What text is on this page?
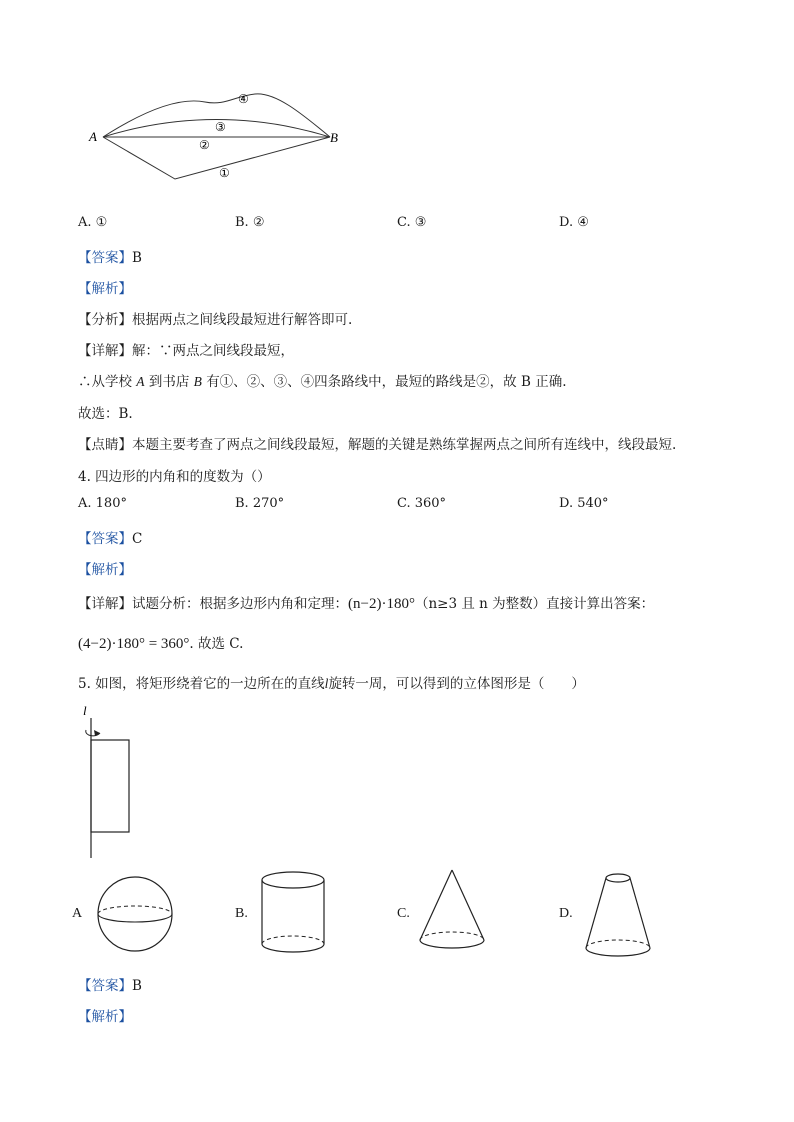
A	B
④
③
②
①
A. ①	B. ②	C. ③	D. ④
【答案】B
【解析】
【分析】根据两点之间线段最短进行解答即可.
【详解】解：∵两点之间线段最短，
∴从学校 A 到书店 B 有①、②、③、④四条路线中，最短的路线是②，故 B 正确.
故选：B.
【点睛】本题主要考查了两点之间线段最短，解题的关键是熟练掌握两点之间所有连线中，线段最短.
4. 四边形的内角和的度数为（）
A. 180°	B. 270°	C. 360°	D. 540°
【答案】C
【解析】
【详解】试题分析：根据多边形内角和定理：(n−2)·180°（n≥3 且 n 为整数）直接计算出答案：
(4−2)·180° = 360°. 故选 C.
5. 如图，将矩形绕着它的一边所在的直线l旋转一周，可以得到的立体图形是（　　）
l
A	B.	C.	D.
【答案】B
【解析】
